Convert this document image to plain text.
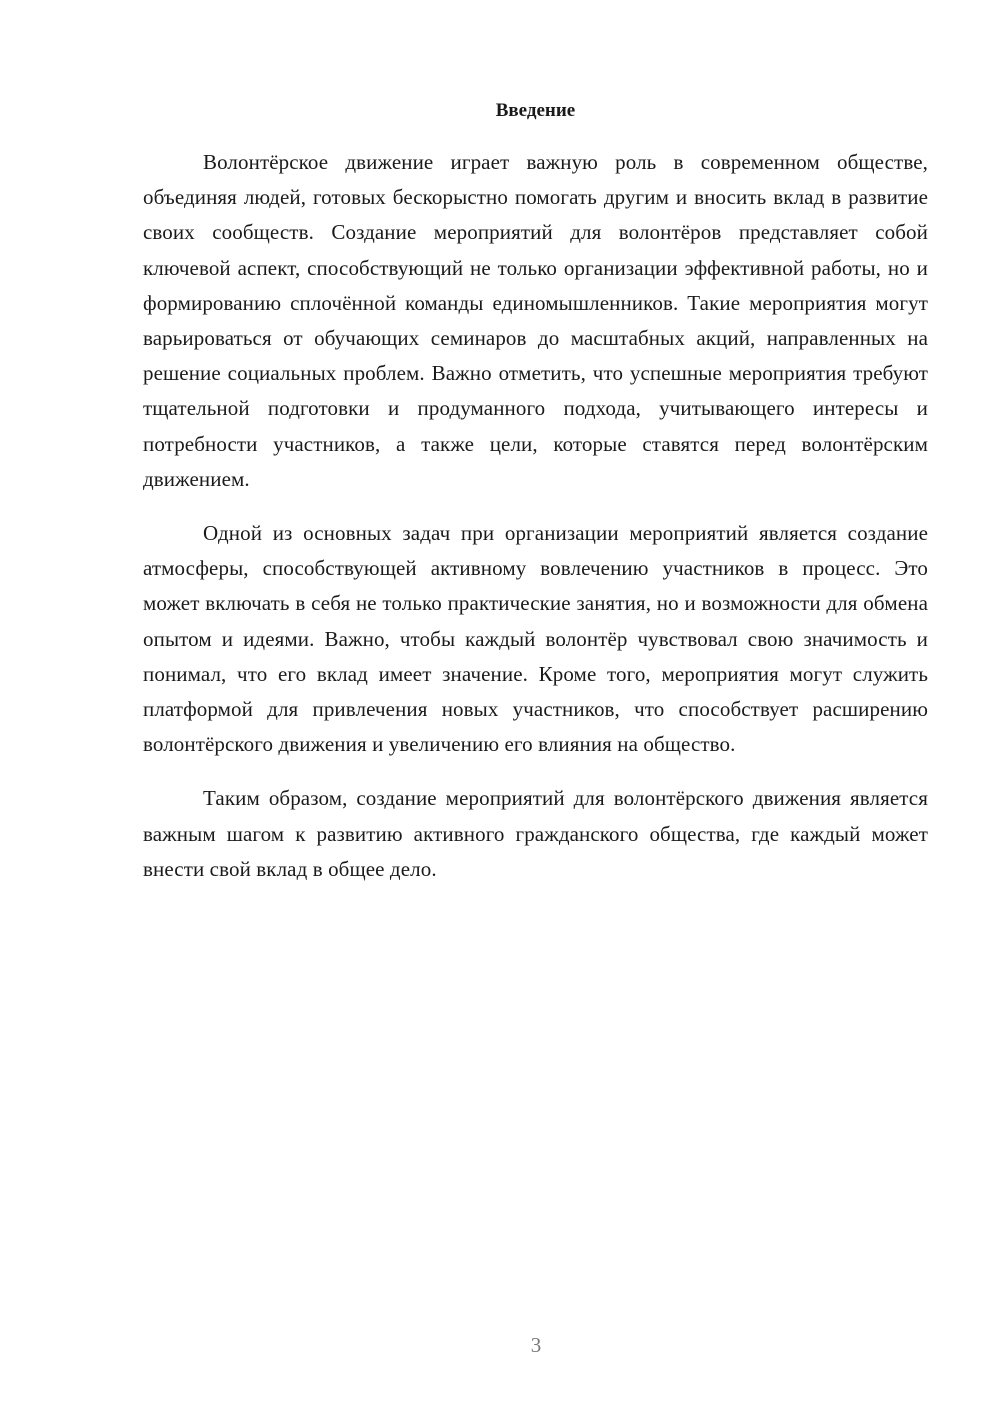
Введение

Волонтёрское движение играет важную роль в современном обществе, объединяя людей, готовых бескорыстно помогать другим и вносить вклад в развитие своих сообществ. Создание мероприятий для волонтёров представляет собой ключевой аспект, способствующий не только организации эффективной работы, но и формированию сплочённой команды единомышленников. Такие мероприятия могут варьироваться от обучающих семинаров до масштабных акций, направленных на решение социальных проблем. Важно отметить, что успешные мероприятия требуют тщательной подготовки и продуманного подхода, учитывающего интересы и потребности участников, а также цели, которые ставятся перед волонтёрским движением.

Одной из основных задач при организации мероприятий является создание атмосферы, способствующей активному вовлечению участников в процесс. Это может включать в себя не только практические занятия, но и возможности для обмена опытом и идеями. Важно, чтобы каждый волонтёр чувствовал свою значимость и понимал, что его вклад имеет значение. Кроме того, мероприятия могут служить платформой для привлечения новых участников, что способствует расширению волонтёрского движения и увеличению его влияния на общество.

Таким образом, создание мероприятий для волонтёрского движения является важным шагом к развитию активного гражданского общества, где каждый может внести свой вклад в общее дело.

3
